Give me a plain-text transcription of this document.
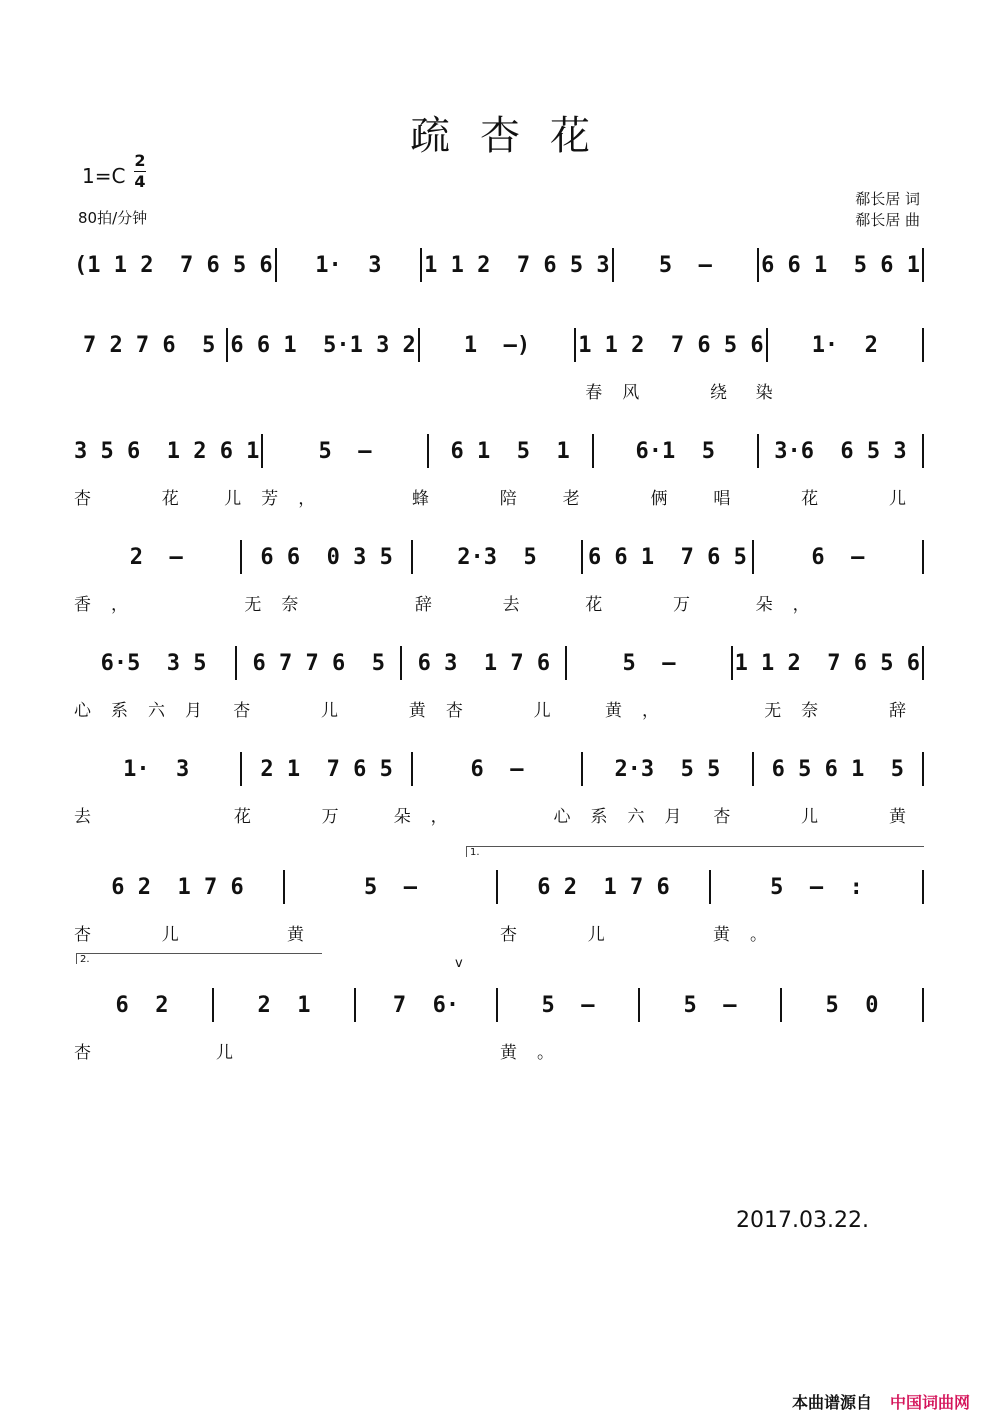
疏杏花
1=C
2
4
80拍/分钟
郗长居 词
郗长居 曲
(1 1 2  7 6 5 6	1·  3	1 1 2  7 6 5 3	5  –	6 6 1  5 6 1
7 2 7 6  5 6 6 1  5·1 3 2	1  –)	1 1 2  7 6 5 6	1·  2
春风  绕 染
3 5 6  1 2 6 1	5  –	6 1  5  1	6·1  5	3·6  6 5 3
杏  花 儿 芳，	蜂  陪	老  俩	唱  花  儿
2  –	6 6  0 3 5	2·3  5	6 6 1  7 6 5	6  –
香，	无奈	辞  去	花  万	朵，
6·5  3 5	6 7 7 6  5	6 3  1 7 6	5  –	1 1 2  7 6 5 6
心系六月 杏  儿  黄 杏  儿	黄，	无奈  辞
1·  3	2 1  7 6 5	6  –	2·3  5 5	6 5 6 1  5
去	花  万	朵，	心系六月 杏  儿  黄
6 2  1 7 6	5  –	6 2  1 7 6	5  –  :
杏  儿	黄	杏  儿	黄。
6  2	2  1	7  6·	5  –	5  –	5  0
杏	儿	黄。
1.
2.	v
2017.03.22.
本曲谱源自 中国词曲网
